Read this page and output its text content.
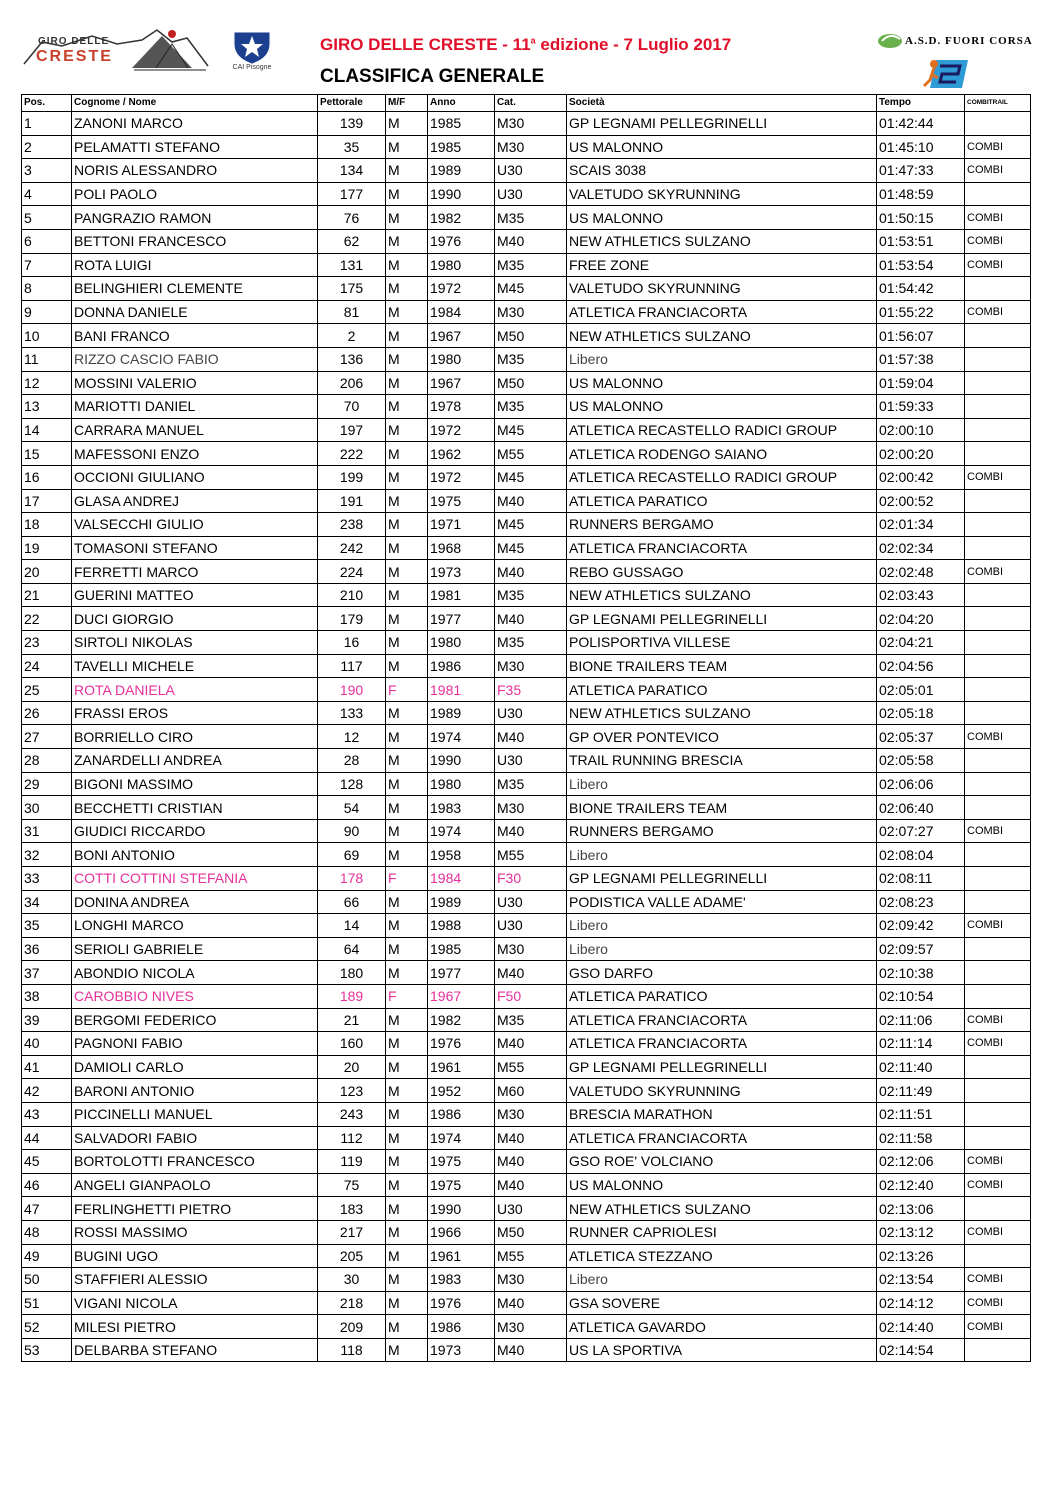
GIRO DELLE
CRESTE
CAI Pisogne
GIRO DELLE CRESTE - 11$^a$ edizione - 7 Luglio 2017
CLASSIFICA GENERALE
A.S.D. FUORI CORSA
Pos.	Cognome / Nome	Pettorale	M/F	Anno	Cat.	Società	Tempo	COMBITRAIL
1	ZANONI MARCO	139	M	1985	M30	GP LEGNAMI PELLEGRINELLI	01:42:44	
2	PELAMATTI STEFANO	35	M	1985	M30	US MALONNO	01:45:10	COMBI
3	NORIS ALESSANDRO	134	M	1989	U30	SCAIS 3038	01:47:33	COMBI
4	POLI PAOLO	177	M	1990	U30	VALETUDO SKYRUNNING	01:48:59	
5	PANGRAZIO RAMON	76	M	1982	M35	US MALONNO	01:50:15	COMBI
6	BETTONI FRANCESCO	62	M	1976	M40	NEW ATHLETICS SULZANO	01:53:51	COMBI
7	ROTA LUIGI	131	M	1980	M35	FREE ZONE	01:53:54	COMBI
8	BELINGHIERI CLEMENTE	175	M	1972	M45	VALETUDO SKYRUNNING	01:54:42	
9	DONNA DANIELE	81	M	1984	M30	ATLETICA FRANCIACORTA	01:55:22	COMBI
10	BANI FRANCO	2	M	1967	M50	NEW ATHLETICS SULZANO	01:56:07	
11	RIZZO CASCIO FABIO	136	M	1980	M35	Libero	01:57:38	
12	MOSSINI VALERIO	206	M	1967	M50	US MALONNO	01:59:04	
13	MARIOTTI DANIEL	70	M	1978	M35	US MALONNO	01:59:33	
14	CARRARA MANUEL	197	M	1972	M45	ATLETICA RECASTELLO RADICI GROUP	02:00:10	
15	MAFESSONI ENZO	222	M	1962	M55	ATLETICA RODENGO SAIANO	02:00:20	
16	OCCIONI GIULIANO	199	M	1972	M45	ATLETICA RECASTELLO RADICI GROUP	02:00:42	COMBI
17	GLASA ANDREJ	191	M	1975	M40	ATLETICA PARATICO	02:00:52	
18	VALSECCHI GIULIO	238	M	1971	M45	RUNNERS BERGAMO	02:01:34	
19	TOMASONI STEFANO	242	M	1968	M45	ATLETICA FRANCIACORTA	02:02:34	
20	FERRETTI MARCO	224	M	1973	M40	REBO GUSSAGO	02:02:48	COMBI
21	GUERINI MATTEO	210	M	1981	M35	NEW ATHLETICS SULZANO	02:03:43	
22	DUCI GIORGIO	179	M	1977	M40	GP LEGNAMI PELLEGRINELLI	02:04:20	
23	SIRTOLI NIKOLAS	16	M	1980	M35	POLISPORTIVA VILLESE	02:04:21	
24	TAVELLI MICHELE	117	M	1986	M30	BIONE TRAILERS TEAM	02:04:56	
25	ROTA DANIELA	190	F	1981	F35	ATLETICA PARATICO	02:05:01	
26	FRASSI EROS	133	M	1989	U30	NEW ATHLETICS SULZANO	02:05:18	
27	BORRIELLO CIRO	12	M	1974	M40	GP OVER PONTEVICO	02:05:37	COMBI
28	ZANARDELLI ANDREA	28	M	1990	U30	TRAIL RUNNING BRESCIA	02:05:58	
29	BIGONI MASSIMO	128	M	1980	M35	Libero	02:06:06	
30	BECCHETTI CRISTIAN	54	M	1983	M30	BIONE TRAILERS TEAM	02:06:40	
31	GIUDICI RICCARDO	90	M	1974	M40	RUNNERS BERGAMO	02:07:27	COMBI
32	BONI ANTONIO	69	M	1958	M55	Libero	02:08:04	
33	COTTI COTTINI STEFANIA	178	F	1984	F30	GP LEGNAMI PELLEGRINELLI	02:08:11	
34	DONINA ANDREA	66	M	1989	U30	PODISTICA VALLE ADAME'	02:08:23	
35	LONGHI MARCO	14	M	1988	U30	Libero	02:09:42	COMBI
36	SERIOLI GABRIELE	64	M	1985	M30	Libero	02:09:57	
37	ABONDIO NICOLA	180	M	1977	M40	GSO DARFO	02:10:38	
38	CAROBBIO NIVES	189	F	1967	F50	ATLETICA PARATICO	02:10:54	
39	BERGOMI FEDERICO	21	M	1982	M35	ATLETICA FRANCIACORTA	02:11:06	COMBI
40	PAGNONI FABIO	160	M	1976	M40	ATLETICA FRANCIACORTA	02:11:14	COMBI
41	DAMIOLI CARLO	20	M	1961	M55	GP LEGNAMI PELLEGRINELLI	02:11:40	
42	BARONI ANTONIO	123	M	1952	M60	VALETUDO SKYRUNNING	02:11:49	
43	PICCINELLI MANUEL	243	M	1986	M30	BRESCIA MARATHON	02:11:51	
44	SALVADORI FABIO	112	M	1974	M40	ATLETICA FRANCIACORTA	02:11:58	
45	BORTOLOTTI FRANCESCO	119	M	1975	M40	GSO ROE' VOLCIANO	02:12:06	COMBI
46	ANGELI GIANPAOLO	75	M	1975	M40	US MALONNO	02:12:40	COMBI
47	FERLINGHETTI PIETRO	183	M	1990	U30	NEW ATHLETICS SULZANO	02:13:06	
48	ROSSI MASSIMO	217	M	1966	M50	RUNNER CAPRIOLESI	02:13:12	COMBI
49	BUGINI UGO	205	M	1961	M55	ATLETICA STEZZANO	02:13:26	
50	STAFFIERI ALESSIO	30	M	1983	M30	Libero	02:13:54	COMBI
51	VIGANI NICOLA	218	M	1976	M40	GSA SOVERE	02:14:12	COMBI
52	MILESI PIETRO	209	M	1986	M30	ATLETICA GAVARDO	02:14:40	COMBI
53	DELBARBA STEFANO	118	M	1973	M40	US LA SPORTIVA	02:14:54	
